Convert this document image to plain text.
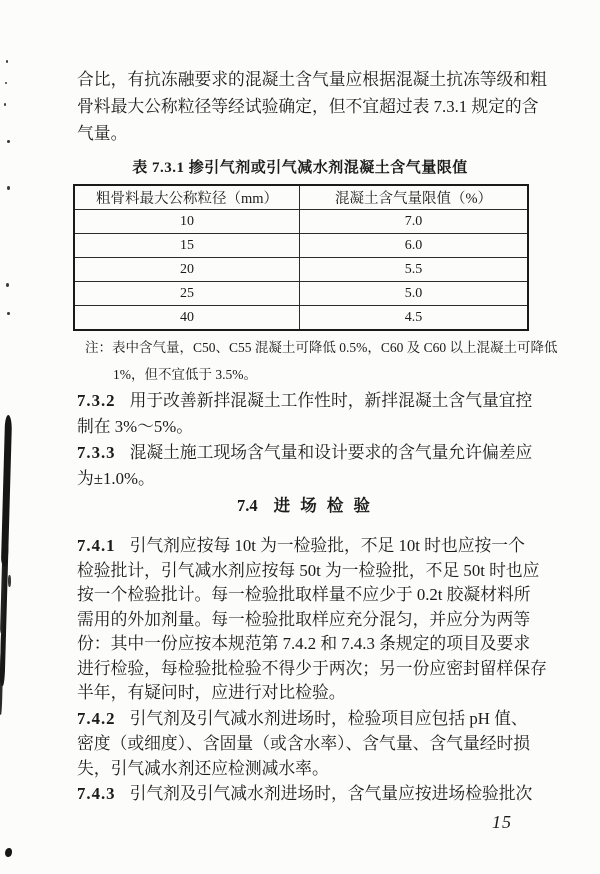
合比，有抗冻融要求的混凝土含气量应根据混凝土抗冻等级和粗
骨料最大公称粒径等经试验确定，但不宜超过表 7.3.1 规定的含
气量。
表 7.3.1 掺引气剂或引气减水剂混凝土含气量限值
粗骨料最大公称粒径（mm）	混凝土含气量限值（%）
10	7.0
15	6.0
20	5.5
25	5.0
40	4.5
注：表中含气量，C50、C55 混凝土可降低 0.5%，C60 及 C60 以上混凝土可降低
1%，但不宜低于 3.5%。
7.3.2 用于改善新拌混凝土工作性时，新拌混凝土含气量宜控
制在 3%～5%。
7.3.3 混凝土施工现场含气量和设计要求的含气量允许偏差应
为±1.0%。
7.4 进 场 检 验
7.4.1 引气剂应按每 10t 为一检验批，不足 10t 时也应按一个
检验批计，引气减水剂应按每 50t 为一检验批，不足 50t 时也应
按一个检验批计。每一检验批取样量不应少于 0.2t 胶凝材料所
需用的外加剂量。每一检验批取样应充分混匀，并应分为两等
份：其中一份应按本规范第 7.4.2 和 7.4.3 条规定的项目及要求
进行检验，每检验批检验不得少于两次；另一份应密封留样保存
半年，有疑问时，应进行对比检验。
7.4.2 引气剂及引气减水剂进场时，检验项目应包括 pH 值、
密度（或细度）、含固量（或含水率）、含气量、含气量经时损
失，引气减水剂还应检测减水率。
7.4.3 引气剂及引气减水剂进场时，含气量应按进场检验批次
15
